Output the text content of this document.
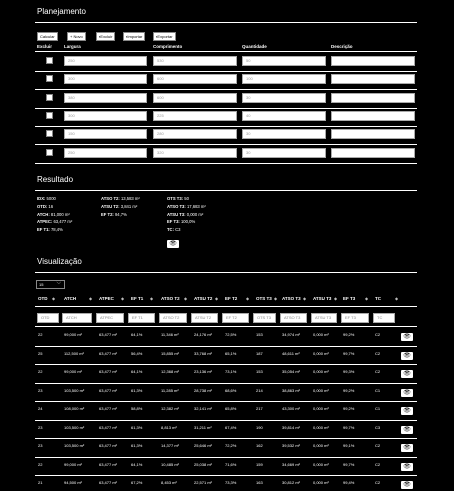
Planejamento
Calcular	+ Novo	▪Excluir	▪Importar	▪Exportar
Excluir	Largura	Comprimento	Quantidade	Descrição
250	530	50
300	600	100
380	600	30
300	225	40
150	280	30
250	320	30
Resultado
IDX: 5000
OTD: 16
ATCH: 81,000 m²
ATPEC: 63,477 m²
EF T1: 78,4%
ATSO T2: 13,583 m²
ATSU T2: 3,841 m²
EF T2: 94,7%
OTS T3: 50
ATSO T3: 17,683 m²
ATSU T3: 0,000 m²
EF T3: 100,0%
TC: C3
👁
Visualização
15 ⌵
OTD ◆ ATCH	◆ ATPEC ◆ EF T1 ◆ ATSO T2 ◆ ATSU T2 ◆ EF T2 ◆ OTS T3 ◆ ATSO T3 ◆ ATSU T3 ◆ EF T3 ◆ TC	◆
OTD	ATCH	ATPEC	EF T1	ATSO T2	ATSU T2	EF T2	OTS T3	ATSO T3	ATSU T3	EF T3	TC
22	99,000 m²	63,477 m²	64,1%	11,346 m²	24,176 m²	72,5%	153	34,974 m²	0,000 m²	99,2%	C2	👁
25	112,500 m²	63,477 m²	56,4%	15,855 m²	33,768 m²	65,1%	187	48,611 m²	0,000 m²	99,7%	C2	👁
22	99,000 m²	63,477 m²	64,1%	12,368 m²	23,136 m²	73,1%	153	35,054 m²	0,000 m²	99,3%	C2	👁
23	103,500 m²	63,477 m²	61,3%	11,285 m²	28,738 m²	68,6%	214	38,863 m²	0,000 m²	99,2%	C1	👁
24	108,000 m²	63,477 m²	58,8%	12,382 m²	32,141 m²	65,8%	217	43,300 m²	0,000 m²	99,2%	C1	👁
23	103,500 m²	63,477 m²	61,3%	8,813 m²	31,211 m²	67,4%	190	39,814 m²	0,000 m²	99,7%	C3	👁
23	103,500 m²	63,477 m²	61,3%	14,377 m²	25,646 m²	72,2%	162	39,532 m²	0,000 m²	99,1%	C2	👁
22	99,000 m²	63,477 m²	64,1%	10,485 m²	25,038 m²	71,6%	159	34,669 m²	0,000 m²	99,7%	C2	👁
21	94,500 m²	63,477 m²	67,2%	8,453 m²	22,571 m²	73,3%	163	30,812 m²	0,000 m²	99,4%	C2	👁
